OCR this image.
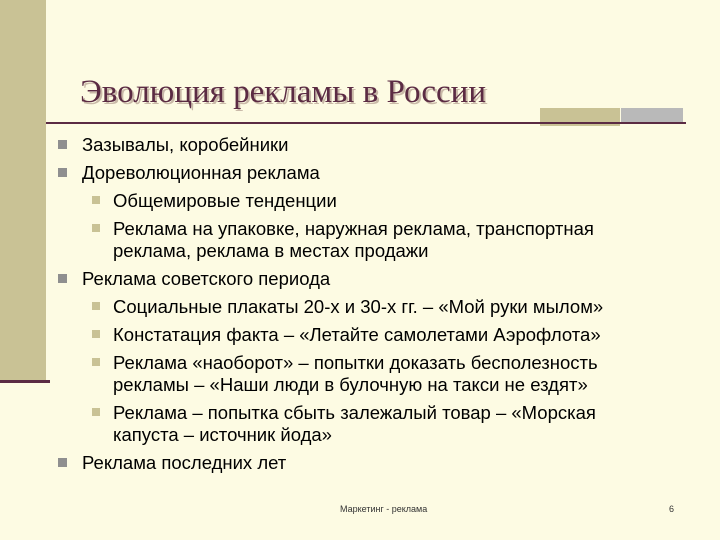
Эволюция рекламы в России
Зазывалы, коробейники
Дореволюционная реклама
Общемировые тенденции
Реклама на упаковке, наружная реклама, транспортная реклама, реклама в местах продажи
Реклама советского периода
Социальные плакаты 20-х и 30-х гг. – «Мой руки мылом»
Констатация факта – «Летайте самолетами Аэрофлота»
Реклама «наоборот» – попытки доказать бесполезность рекламы – «Наши люди в булочную на такси не ездят»
Реклама – попытка сбыть залежалый товар – «Морская капуста – источник йода»
Реклама последних лет
Маркетинг - реклама	6
